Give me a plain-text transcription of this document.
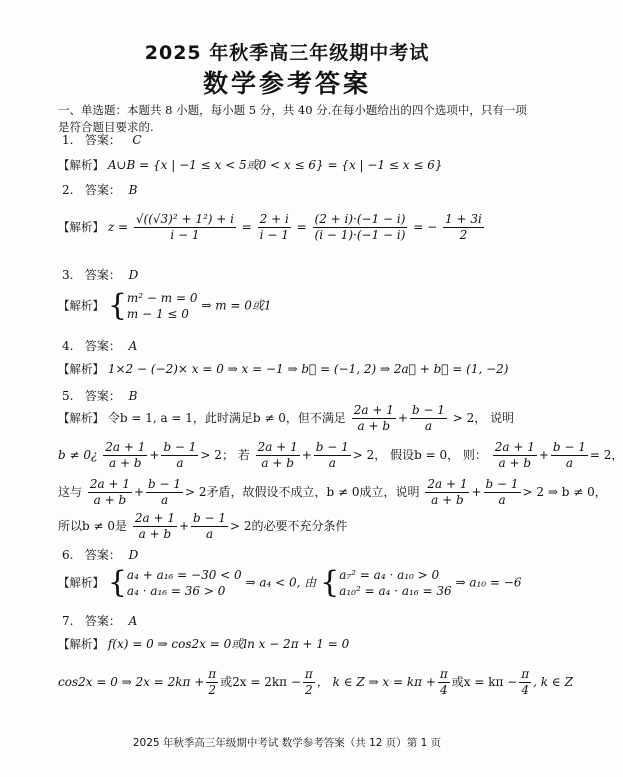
2025 年秋季高三年级期中考试
数学参考答案
一、单选题：本题共 8 小题，每小题 5 分，共 40 分.在每小题给出的四个选项中，只有一项是符合题目要求的.
1. 答案： C
【解析】 A∪B = {x | −1 ≤ x < 5或0 < x ≤ 6} = {x | −1 ≤ x ≤ 6}
2. 答案： B
【解析】 $z = \frac{\text{√((√3)² + 1²) + i}}{i - 1} = \frac{2 + i}{i - 1} = \frac{(2 + i)\cdot(-1 - i)}{(i - 1)\cdot(-1 - i)}$ = − $\frac{1 + 3i}{2}$
3. 答案： D
【解析】 { m² − m = 0
m − 1 ≤ 0
⇒ m = 0或1
4. 答案： A
【解析】 1×2 − (−2)× x = 0 ⇒ x = −1 ⇒ b⃗ = (−1, 2) ⇒ 2a⃗ + b⃗ = (1, −2)
5. 答案： B
【解析】 令b = 1, a = 1，此时满足b ≠ 0，但不满足 $\frac{2a + 1}{a + b} + \frac{b - 1}{a} > 2$， 说明
b ≠ 0¿ $\frac{2a + 1}{a + b} + \frac{b - 1}{a} > 2$； 若 $\frac{2a + 1}{a + b} + \frac{b - 1}{a} > 2$， 假设b = 0， 则： $\frac{2a + 1}{a + b} + \frac{b - 1}{a} = 2$，
这与 $\frac{2a + 1}{a + b} + \frac{b - 1}{a} > 2$矛盾，故假设不成立，b ≠ 0成立，说明 $\frac{2a + 1}{a + b} + \frac{b - 1}{a} > 2$ ⇒ b ≠ 0，
所以b ≠ 0是 $\frac{2a + 1}{a + b} + \frac{b - 1}{a} > 2$的必要不充分条件
6. 答案： D
【解析】 { a₄ + a₁₆ = −30 < 0
a₄ · a₁₆ = 36 > 0
⇒ a₄ < 0, 由 { a₇² = a₄ · a₁₀ > 0
a₁₀² = a₄ · a₁₆ = 36
⇒ a₁₀ = −6
7. 答案： A
【解析】 f(x) = 0 ⇒ cos2x = 0或ln x − 2π + 1 = 0
cos2x = 0 ⇒ $2x = 2k\pi + \frac{\pi}{2}$ 或$2x = 2k\pi - \frac{\pi}{2}$ ， k ∈ Z ⇒ $x = k\pi + \frac{\pi}{4}$ 或$x = k\pi - \frac{\pi}{4}$ , k ∈ Z
2025 年秋季高三年级期中考试 数学参考答案（共 12 页）第 1 页
